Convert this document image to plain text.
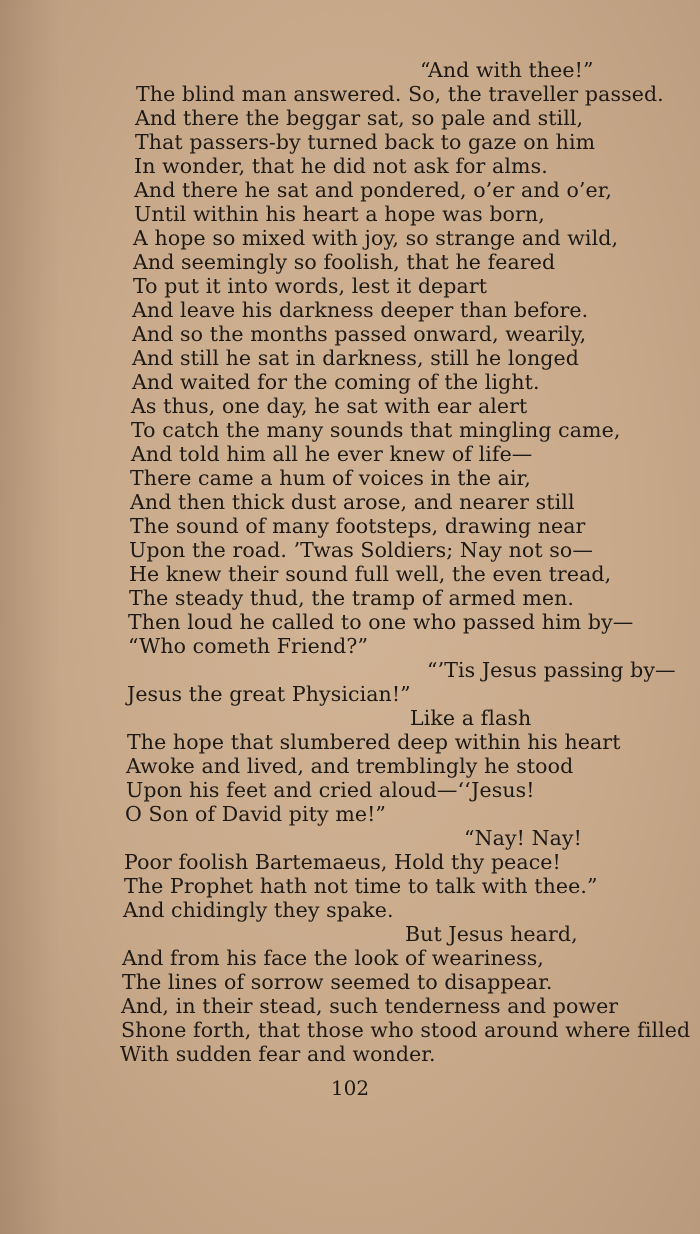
“And with thee!”
The blind man answered. So, the traveller passed.
And there the beggar sat, so pale and still,
That passers-by turned back to gaze on him
In wonder, that he did not ask for alms.
And there he sat and pondered, o’er and o’er,
Until within his heart a hope was born,
A hope so mixed with joy, so strange and wild,
And seemingly so foolish, that he feared
To put it into words, lest it depart
And leave his darkness deeper than before.
And so the months passed onward, wearily,
And still he sat in darkness, still he longed
And waited for the coming of the light.
As thus, one day, he sat with ear alert
To catch the many sounds that mingling came,
And told him all he ever knew of life—
There came a hum of voices in the air,
And then thick dust arose, and nearer still
The sound of many footsteps, drawing near
Upon the road. ’Twas Soldiers; Nay not so—
He knew their sound full well, the even tread,
The steady thud, the tramp of armed men.
Then loud he called to one who passed him by—
“Who cometh Friend?”
“’Tis Jesus passing by—
Jesus the great Physician!”
Like a flash
The hope that slumbered deep within his heart
Awoke and lived, and tremblingly he stood
Upon his feet and cried aloud—‘‘Jesus!
O Son of David pity me!”
“Nay! Nay!
Poor foolish Bartemaeus, Hold thy peace!
The Prophet hath not time to talk with thee.”
And chidingly they spake.
But Jesus heard,
And from his face the look of weariness,
The lines of sorrow seemed to disappear.
And, in their stead, such tenderness and power
Shone forth, that those who stood around where filled
With sudden fear and wonder.
102
